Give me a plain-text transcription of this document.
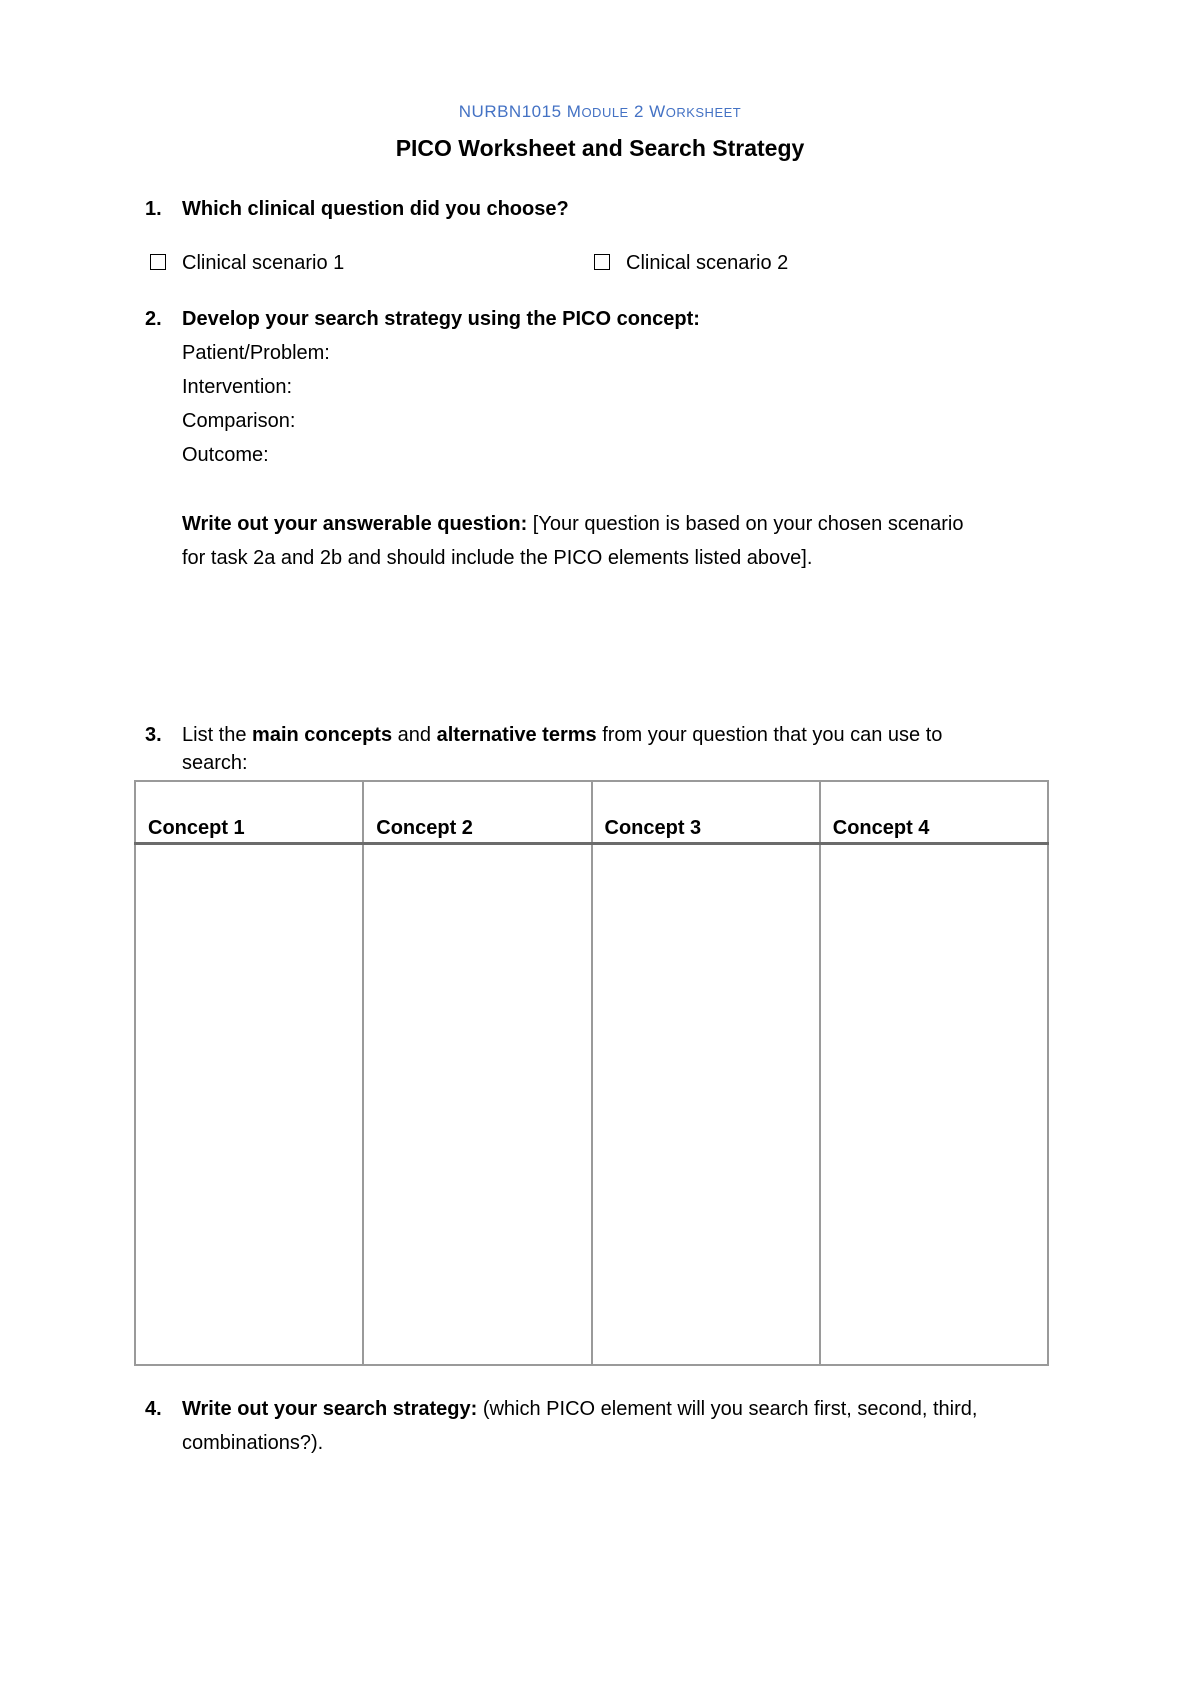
NURBN1015 MODULE 2 WORKSHEET
PICO Worksheet and Search Strategy
1.	Which clinical question did you choose?
Clinical scenario 1	Clinical scenario 2
2.	Develop your search strategy using the PICO concept:
Patient/Problem:
Intervention:
Comparison:
Outcome:
Write out your answerable question: [Your question is based on your chosen scenario
for task 2a and 2b and should include the PICO elements listed above].
3.	List the main concepts and alternative terms from your question that you can use to
search:
Concept 1	Concept 2	Concept 3	Concept 4

4.	Write out your search strategy: (which PICO element will you search first, second, third,
combinations?).
